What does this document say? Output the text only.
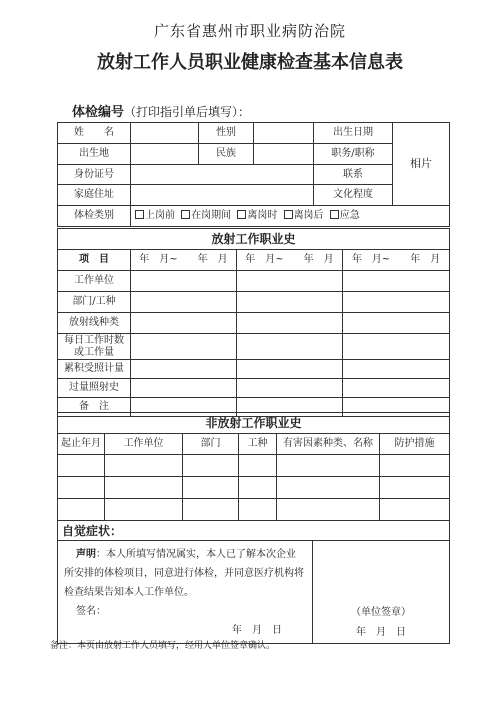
广东省惠州市职业病防治院
放射工作人员职业健康检查基本信息表
体检编号（打印指引单后填写）：
姓　　名		性别		出生日期	相片
出生地		民族		职务/职称	
身份证号				联系	
家庭住址				文化程度	
体检类别	上岗前 在岗期间 离岗时 离岗后 应急				
放射工作职业史			
项　目	年　月~　　年　月	年　月~　　年　月	年　月~　　年　月
工作单位			
部门/工种			
放射线种类			
每日工作时数或工作量			
累积受照计量			
过量照射史			
备　注			
非放射工作职业史					
起止年月	工作单位	部门	工种	有害因素种类、名称	防护措施

自觉症状：

声明：本人所填写情况属实，本人已了解本次企业
所安排的体检项目，同意进行体检，并同意医疗机构将
检查结果告知本人工作单位。
签名：
年　月　日

（单位签章）
年　月　日
备注：本页由放射工作人员填写，经用人单位签章确认。
